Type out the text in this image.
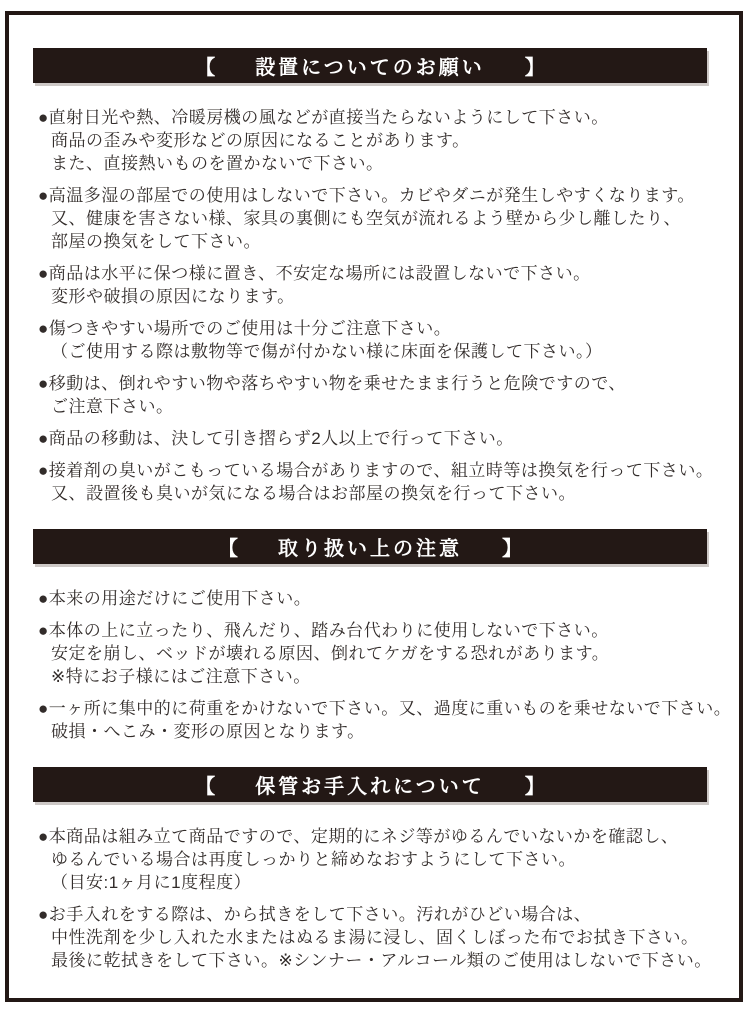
【 設置についてのお願い 】
●直射日光や熱、冷暖房機の風などが直接当たらないようにして下さい。
商品の歪みや変形などの原因になることがあります。
また、直接熱いものを置かないで下さい。
●高温多湿の部屋での使用はしないで下さい。カビやダニが発生しやすくなります。
又、健康を害さない様、家具の裏側にも空気が流れるよう壁から少し離したり、
部屋の換気をして下さい。
●商品は水平に保つ様に置き、不安定な場所には設置しないで下さい。
変形や破損の原因になります。
●傷つきやすい場所でのご使用は十分ご注意下さい。
（ご使用する際は敷物等で傷が付かない様に床面を保護して下さい。）
●移動は、倒れやすい物や落ちやすい物を乗せたまま行うと危険ですので、
ご注意下さい。
●商品の移動は、決して引き摺らず2人以上で行って下さい。
●接着剤の臭いがこもっている場合がありますので、組立時等は換気を行って下さい。
又、設置後も臭いが気になる場合はお部屋の換気を行って下さい。
【 取り扱い上の注意 】
●本来の用途だけにご使用下さい。
●本体の上に立ったり、飛んだり、踏み台代わりに使用しないで下さい。
安定を崩し、ベッドが壊れる原因、倒れてケガをする恐れがあります。
※特にお子様にはご注意下さい。
●一ヶ所に集中的に荷重をかけないで下さい。又、過度に重いものを乗せないで下さい。
破損・へこみ・変形の原因となります。
【 保管お手入れについて 】
●本商品は組み立て商品ですので、定期的にネジ等がゆるんでいないかを確認し、
ゆるんでいる場合は再度しっかりと締めなおすようにして下さい。
（目安:1ヶ月に1度程度）
●お手入れをする際は、から拭きをして下さい。汚れがひどい場合は、
中性洗剤を少し入れた水またはぬるま湯に浸し、固くしぼった布でお拭き下さい。
最後に乾拭きをして下さい。※シンナー・アルコール類のご使用はしないで下さい。
